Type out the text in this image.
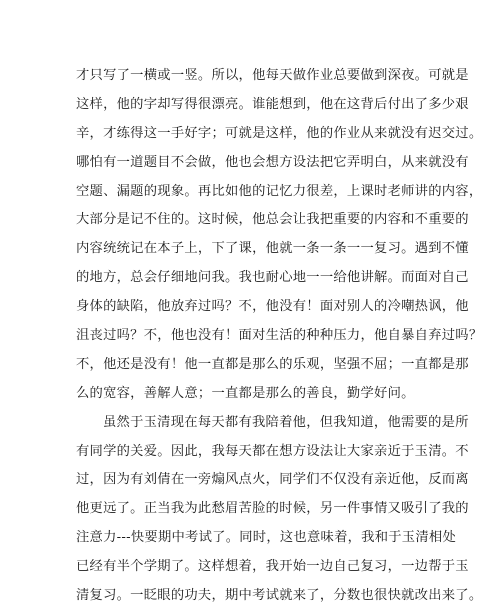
才只写了一横或一竖。所以，他每天做作业总要做到深夜。可就是
这样，他的字却写得很漂亮。谁能想到，他在这背后付出了多少艰
辛，才练得这一手好字；可就是这样，他的作业从来就没有迟交过。
哪怕有一道题目不会做，他也会想方设法把它弄明白，从来就没有
空题、漏题的现象。再比如他的记忆力很差，上课时老师讲的内容，
大部分是记不住的。这时候，他总会让我把重要的内容和不重要的
内容统统记在本子上，下了课，他就一条一条一一复习。遇到不懂
的地方，总会仔细地问我。我也耐心地一一给他讲解。而面对自己
身体的缺陷，他放弃过吗？不，他没有！面对别人的冷嘲热讽，他
沮丧过吗？不，他也没有！面对生活的种种压力，他自暴自弃过吗？
不，他还是没有！他一直都是那么的乐观，坚强不屈；一直都是那
么的宽容，善解人意；一直都是那么的善良，勤学好问。
虽然于玉清现在每天都有我陪着他，但我知道，他需要的是所
有同学的关爱。因此，我每天都在想方设法让大家亲近于玉清。不
过，因为有刘倩在一旁煽风点火，同学们不仅没有亲近他，反而离
他更远了。正当我为此愁眉苦脸的时候，另一件事情又吸引了我的
注意力---快要期中考试了。同时，这也意味着，我和于玉清相处
已经有半个学期了。这样想着，我开始一边自己复习，一边帮于玉
清复习。一眨眼的功夫，期中考试就来了，分数也很快就改出来了。
